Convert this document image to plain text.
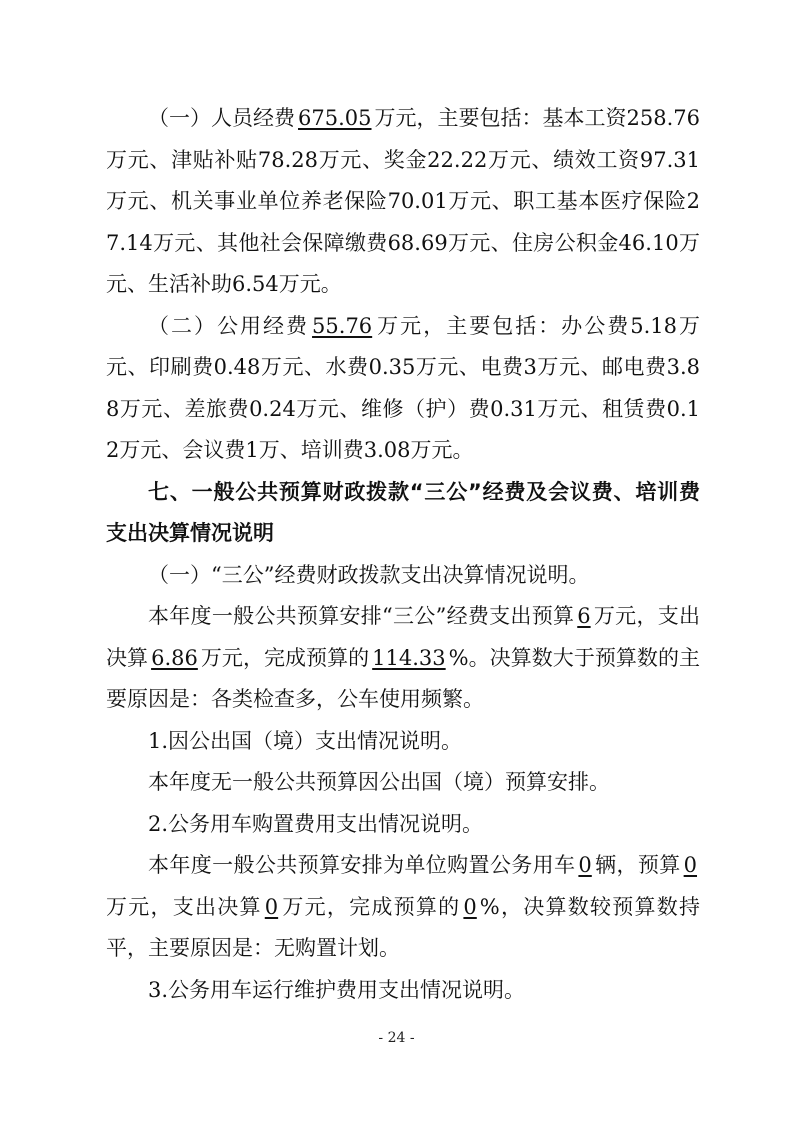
（一）人员经费 675.05 万元，主要包括：基本工资258.76万元、津贴补贴78.28万元、奖金22.22万元、绩效工资97.31万元、机关事业单位养老保险70.01万元、职工基本医疗保险27.14万元、其他社会保障缴费68.69万元、住房公积金46.10万元、生活补助6.54万元。

（二）公用经费 55.76 万元，主要包括：办公费5.18万元、印刷费0.48万元、水费0.35万元、电费3万元、邮电费3.88万元、差旅费0.24万元、维修（护）费0.31万元、租赁费0.12万元、会议费1万、培训费3.08万元。

七、一般公共预算财政拨款“三公”经费及会议费、培训费支出决算情况说明

（一）“三公”经费财政拨款支出决算情况说明。

本年度一般公共预算安排“三公”经费支出预算 6 万元，支出决算 6.86 万元，完成预算的 114.33 %。决算数大于预算数的主要原因是：各类检查多，公车使用频繁。

1.因公出国（境）支出情况说明。

本年度无一般公共预算因公出国（境）预算安排。

2.公务用车购置费用支出情况说明。

本年度一般公共预算安排为单位购置公务用车 0 辆，预算 0万元，支出决算 0 万元，完成预算的 0 %，决算数较预算数持平，主要原因是：无购置计划。

3.公务用车运行维护费用支出情况说明。

- 24 -
